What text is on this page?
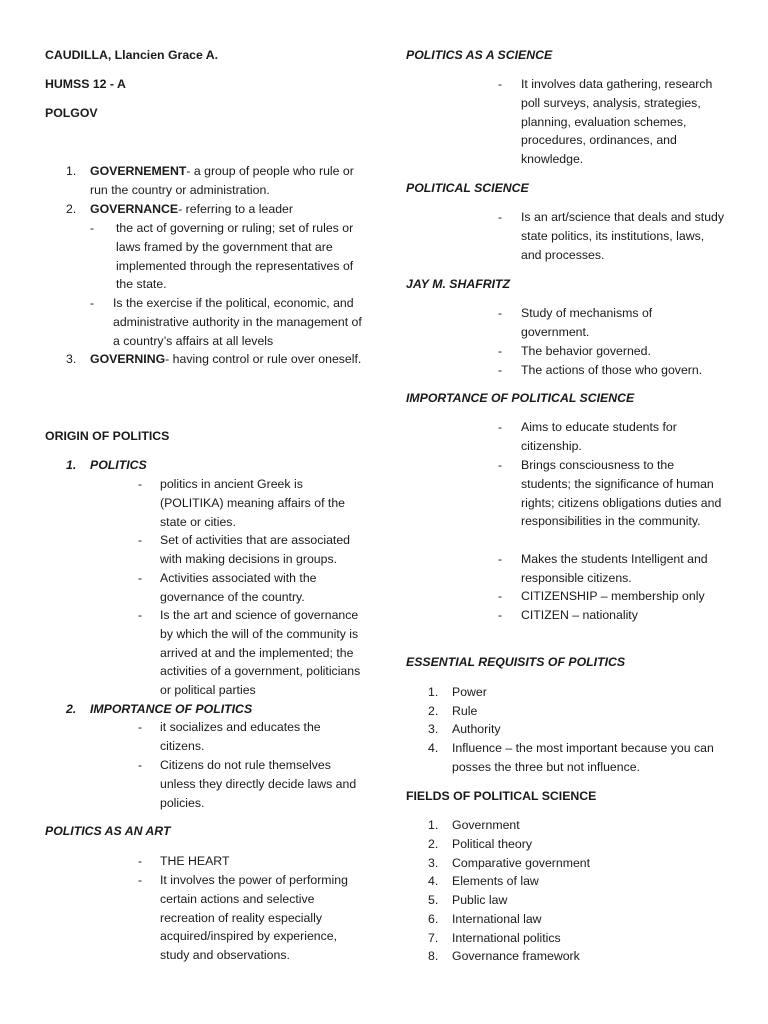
CAUDILLA, Llancien Grace A.
HUMSS 12 - A
POLGOV
1.	GOVERNEMENT- a group of people who rule or run the country or administration.
2.	GOVERNANCE- referring to a leader
-	the act of governing or ruling; set of rules or laws framed by the government that are implemented through the representatives of the state.
-	Is the exercise if the political, economic, and administrative authority in the management of a country’s affairs at all levels
3.	GOVERNING- having control or rule over oneself.
ORIGIN OF POLITICS
1.	POLITICS
-	politics in ancient Greek is (POLITIKA) meaning affairs of the state or cities.
-	Set of activities that are associated with making decisions in groups.
-	Activities associated with the governance of the country.
-	Is the art and science of governance by which the will of the community is arrived at and the implemented; the activities of a government, politicians or political parties
2.	IMPORTANCE OF POLITICS
-	it socializes and educates the citizens.
-	Citizens do not rule themselves unless they directly decide laws and policies.
POLITICS AS AN ART
-	THE HEART
-	It involves the power of performing certain actions and selective recreation of reality especially acquired/inspired by experience, study and observations.
POLITICS AS A SCIENCE
-	It involves data gathering, research poll surveys, analysis, strategies, planning, evaluation schemes, procedures, ordinances, and knowledge.
POLITICAL SCIENCE
-	Is an art/science that deals and study state politics, its institutions, laws, and processes.
JAY M. SHAFRITZ
-	Study of mechanisms of government.
-	The behavior governed.
-	The actions of those who govern.
IMPORTANCE OF POLITICAL SCIENCE
-	Aims to educate students for citizenship.
-	Brings consciousness to the students; the significance of human rights; citizens obligations duties and responsibilities in the community.
-	Makes the students Intelligent and responsible citizens.
-	CITIZENSHIP – membership only
-	CITIZEN – nationality
ESSENTIAL REQUISITS OF POLITICS
1.	Power
2.	Rule
3.	Authority
4.	Influence – the most important because you can posses the three but not influence.
FIELDS OF POLITICAL SCIENCE
1.	Government
2.	Political theory
3.	Comparative government
4.	Elements of law
5.	Public law
6.	International law
7.	International politics
8.	Governance framework
